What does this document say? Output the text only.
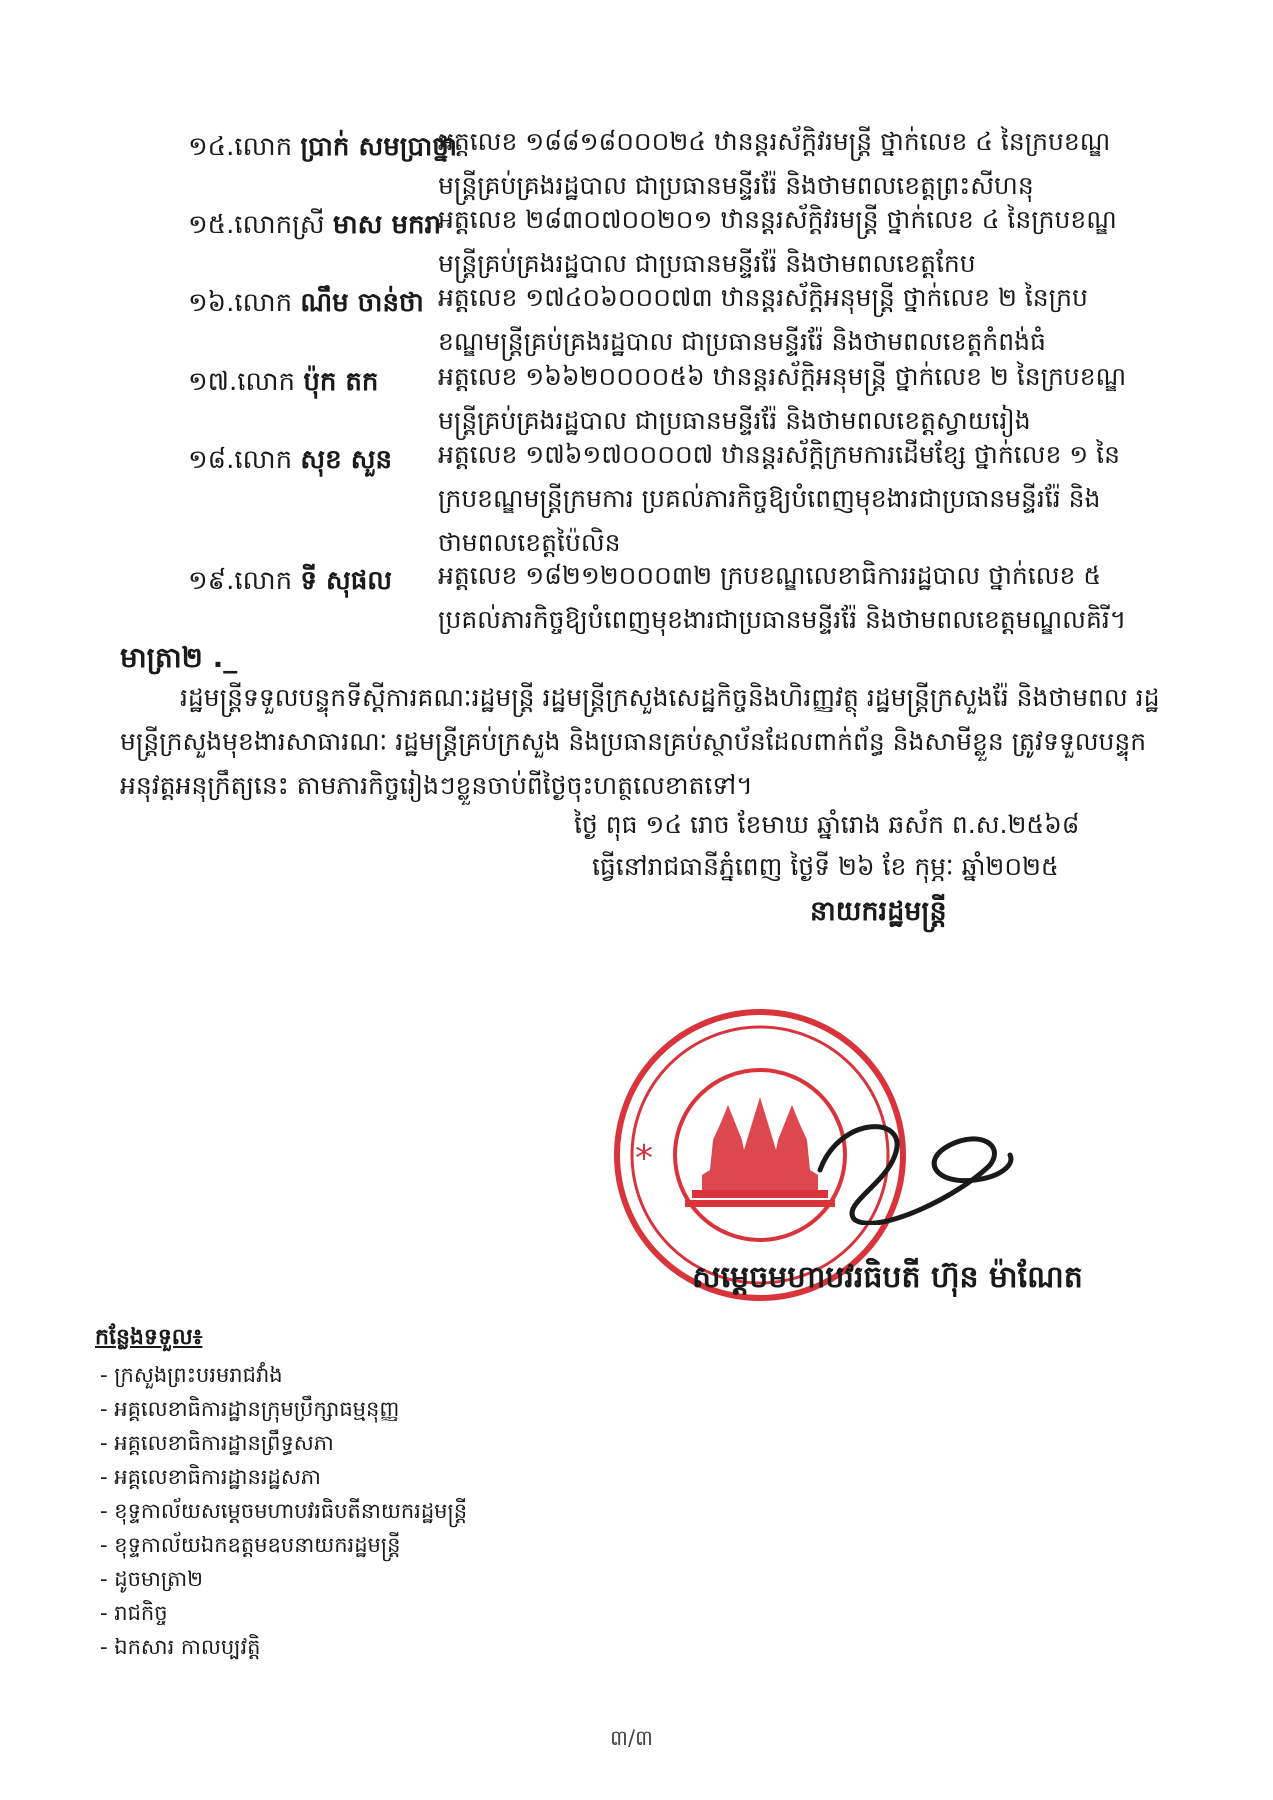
១៤.លោក ប្រាក់ សមប្រាថ្នា
អត្តលេខ ១៨៨១៨០០០២៤ ឋានន្តរស័ក្តិវរមន្ត្រី ថ្នាក់លេខ ៤ នៃក្របខណ្ឌមន្ត្រីគ្រប់គ្រងរដ្ឋបាល ជាប្រធានមន្ទីររ៉ែ និងថាមពលខេត្តព្រះសីហនុ
១៥.លោកស្រី មាស មករា
អត្តលេខ ២៨៣០៧០០២០១ ឋានន្តរស័ក្តិវរមន្ត្រី ថ្នាក់លេខ ៤ នៃក្របខណ្ឌមន្ត្រីគ្រប់គ្រងរដ្ឋបាល ជាប្រធានមន្ទីររ៉ែ និងថាមពលខេត្តកែប
១៦.លោក ណឹម ចាន់ថា អត្តលេខ ១៧៤០៦០០០៧៣ ឋានន្តរស័ក្តិអនុមន្ត្រី ថ្នាក់លេខ ២ នៃក្របខណ្ឌមន្ត្រីគ្រប់គ្រងរដ្ឋបាល ជាប្រធានមន្ទីររ៉ែ និងថាមពលខេត្តកំពង់ធំ
១៧.លោក ប៉ុក តក អត្តលេខ ១៦៦២០០០០៥៦ ឋានន្តរស័ក្តិអនុមន្ត្រី ថ្នាក់លេខ ២ នៃក្របខណ្ឌមន្ត្រីគ្រប់គ្រងរដ្ឋបាល ជាប្រធានមន្ទីររ៉ែ និងថាមពលខេត្តស្វាយរៀង
១៨.លោក សុខ សួន អត្តលេខ ១៧៦១៧០០០០៧ ឋានន្តរស័ក្តិក្រមការដើមខ្សែ ថ្នាក់លេខ ១ នៃក្របខណ្ឌមន្ត្រីក្រមការ ប្រគល់ភារកិច្ចឱ្យបំពេញមុខងារជាប្រធានមន្ទីររ៉ែ និងថាមពលខេត្តប៉ៃលិន
១៩.លោក ទី សុផល អត្តលេខ ១៨២១២០០០៣២ ក្របខណ្ឌលេខាធិការរដ្ឋបាល ថ្នាក់លេខ ៥ ប្រគល់ភារកិច្ចឱ្យបំពេញមុខងារជាប្រធានមន្ទីររ៉ែ និងថាមពលខេត្តមណ្ឌលគិរី។
មាត្រា២ ._
រដ្ឋមន្ត្រីទទួលបន្ទុកទីស្តីការគណៈរដ្ឋមន្ត្រី រដ្ឋមន្ត្រីក្រសួងសេដ្ឋកិច្ចនិងហិរញ្ញវត្ថុ រដ្ឋមន្ត្រីក្រសួងរ៉ែ និងថាមពល រដ្ឋមន្ត្រីក្រសួងមុខងារសាធារណៈ រដ្ឋមន្ត្រីគ្រប់ក្រសួង និងប្រធានគ្រប់ស្ថាប័នដែលពាក់ព័ន្ធ និងសាមីខ្លួន ត្រូវទទួលបន្ទុកអនុវត្តអនុក្រឹត្យនេះ តាមភារកិច្ចរៀងៗខ្លួនចាប់ពីថ្ងៃចុះហត្ថលេខាតទៅ។
ថ្ងៃ ពុធ ១៤ រោច ខែមាឃ ឆ្នាំរោង ឆស័ក ព.ស.២៥៦៨
ធ្វើនៅរាជធានីភ្នំពេញ ថ្ងៃទី ២៦ ខែ កុម្ភៈ ឆ្នាំ២០២៥
*
នាយករដ្ឋមន្ត្រី
សម្តេចមហាបវរធិបតី ហ៊ុន ម៉ាណែត
កន្លែងទទួល៖
- ក្រសួងព្រះបរមរាជវាំង
- អគ្គលេខាធិការដ្ឋានក្រុមប្រឹក្សាធម្មនុញ្ញ
- អគ្គលេខាធិការដ្ឋានព្រឹទ្ធសភា
- អគ្គលេខាធិការដ្ឋានរដ្ឋសភា
- ខុទ្ទកាល័យសម្តេចមហាបវរធិបតីនាយករដ្ឋមន្ត្រី
- ខុទ្ទកាល័យឯកឧត្តមឧបនាយករដ្ឋមន្ត្រី
- ដូចមាត្រា២
- រាជកិច្ច
- ឯកសារ កាលប្បវត្តិ
៣/៣
